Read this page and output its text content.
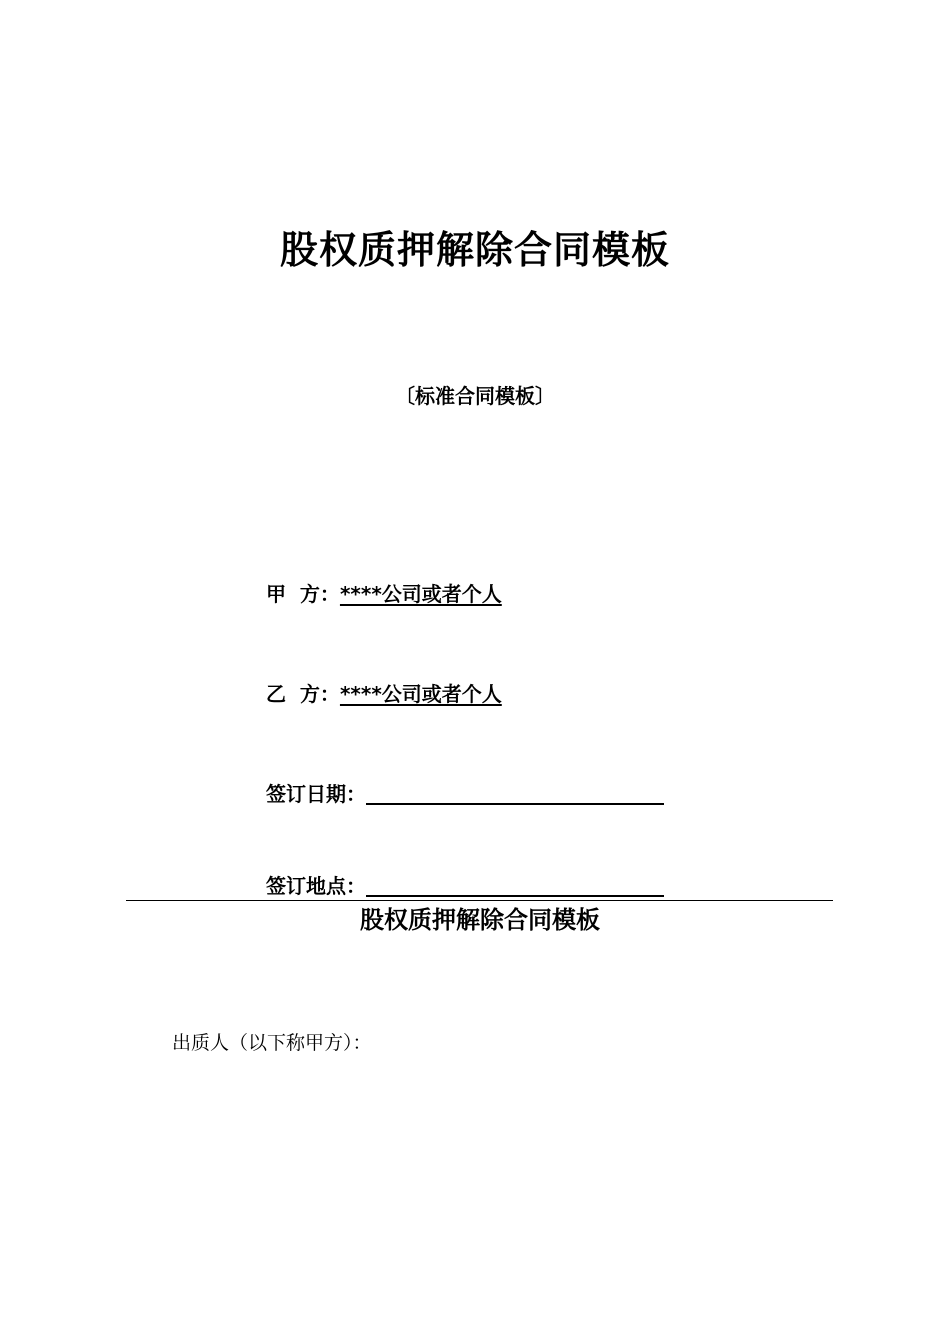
股权质押解除合同模板
〔标准合同模板〕
甲  方：****公司或者个人
乙  方：****公司或者个人
签订日期：
签订地点：
股权质押解除合同模板
出质人（以下称甲方）：
